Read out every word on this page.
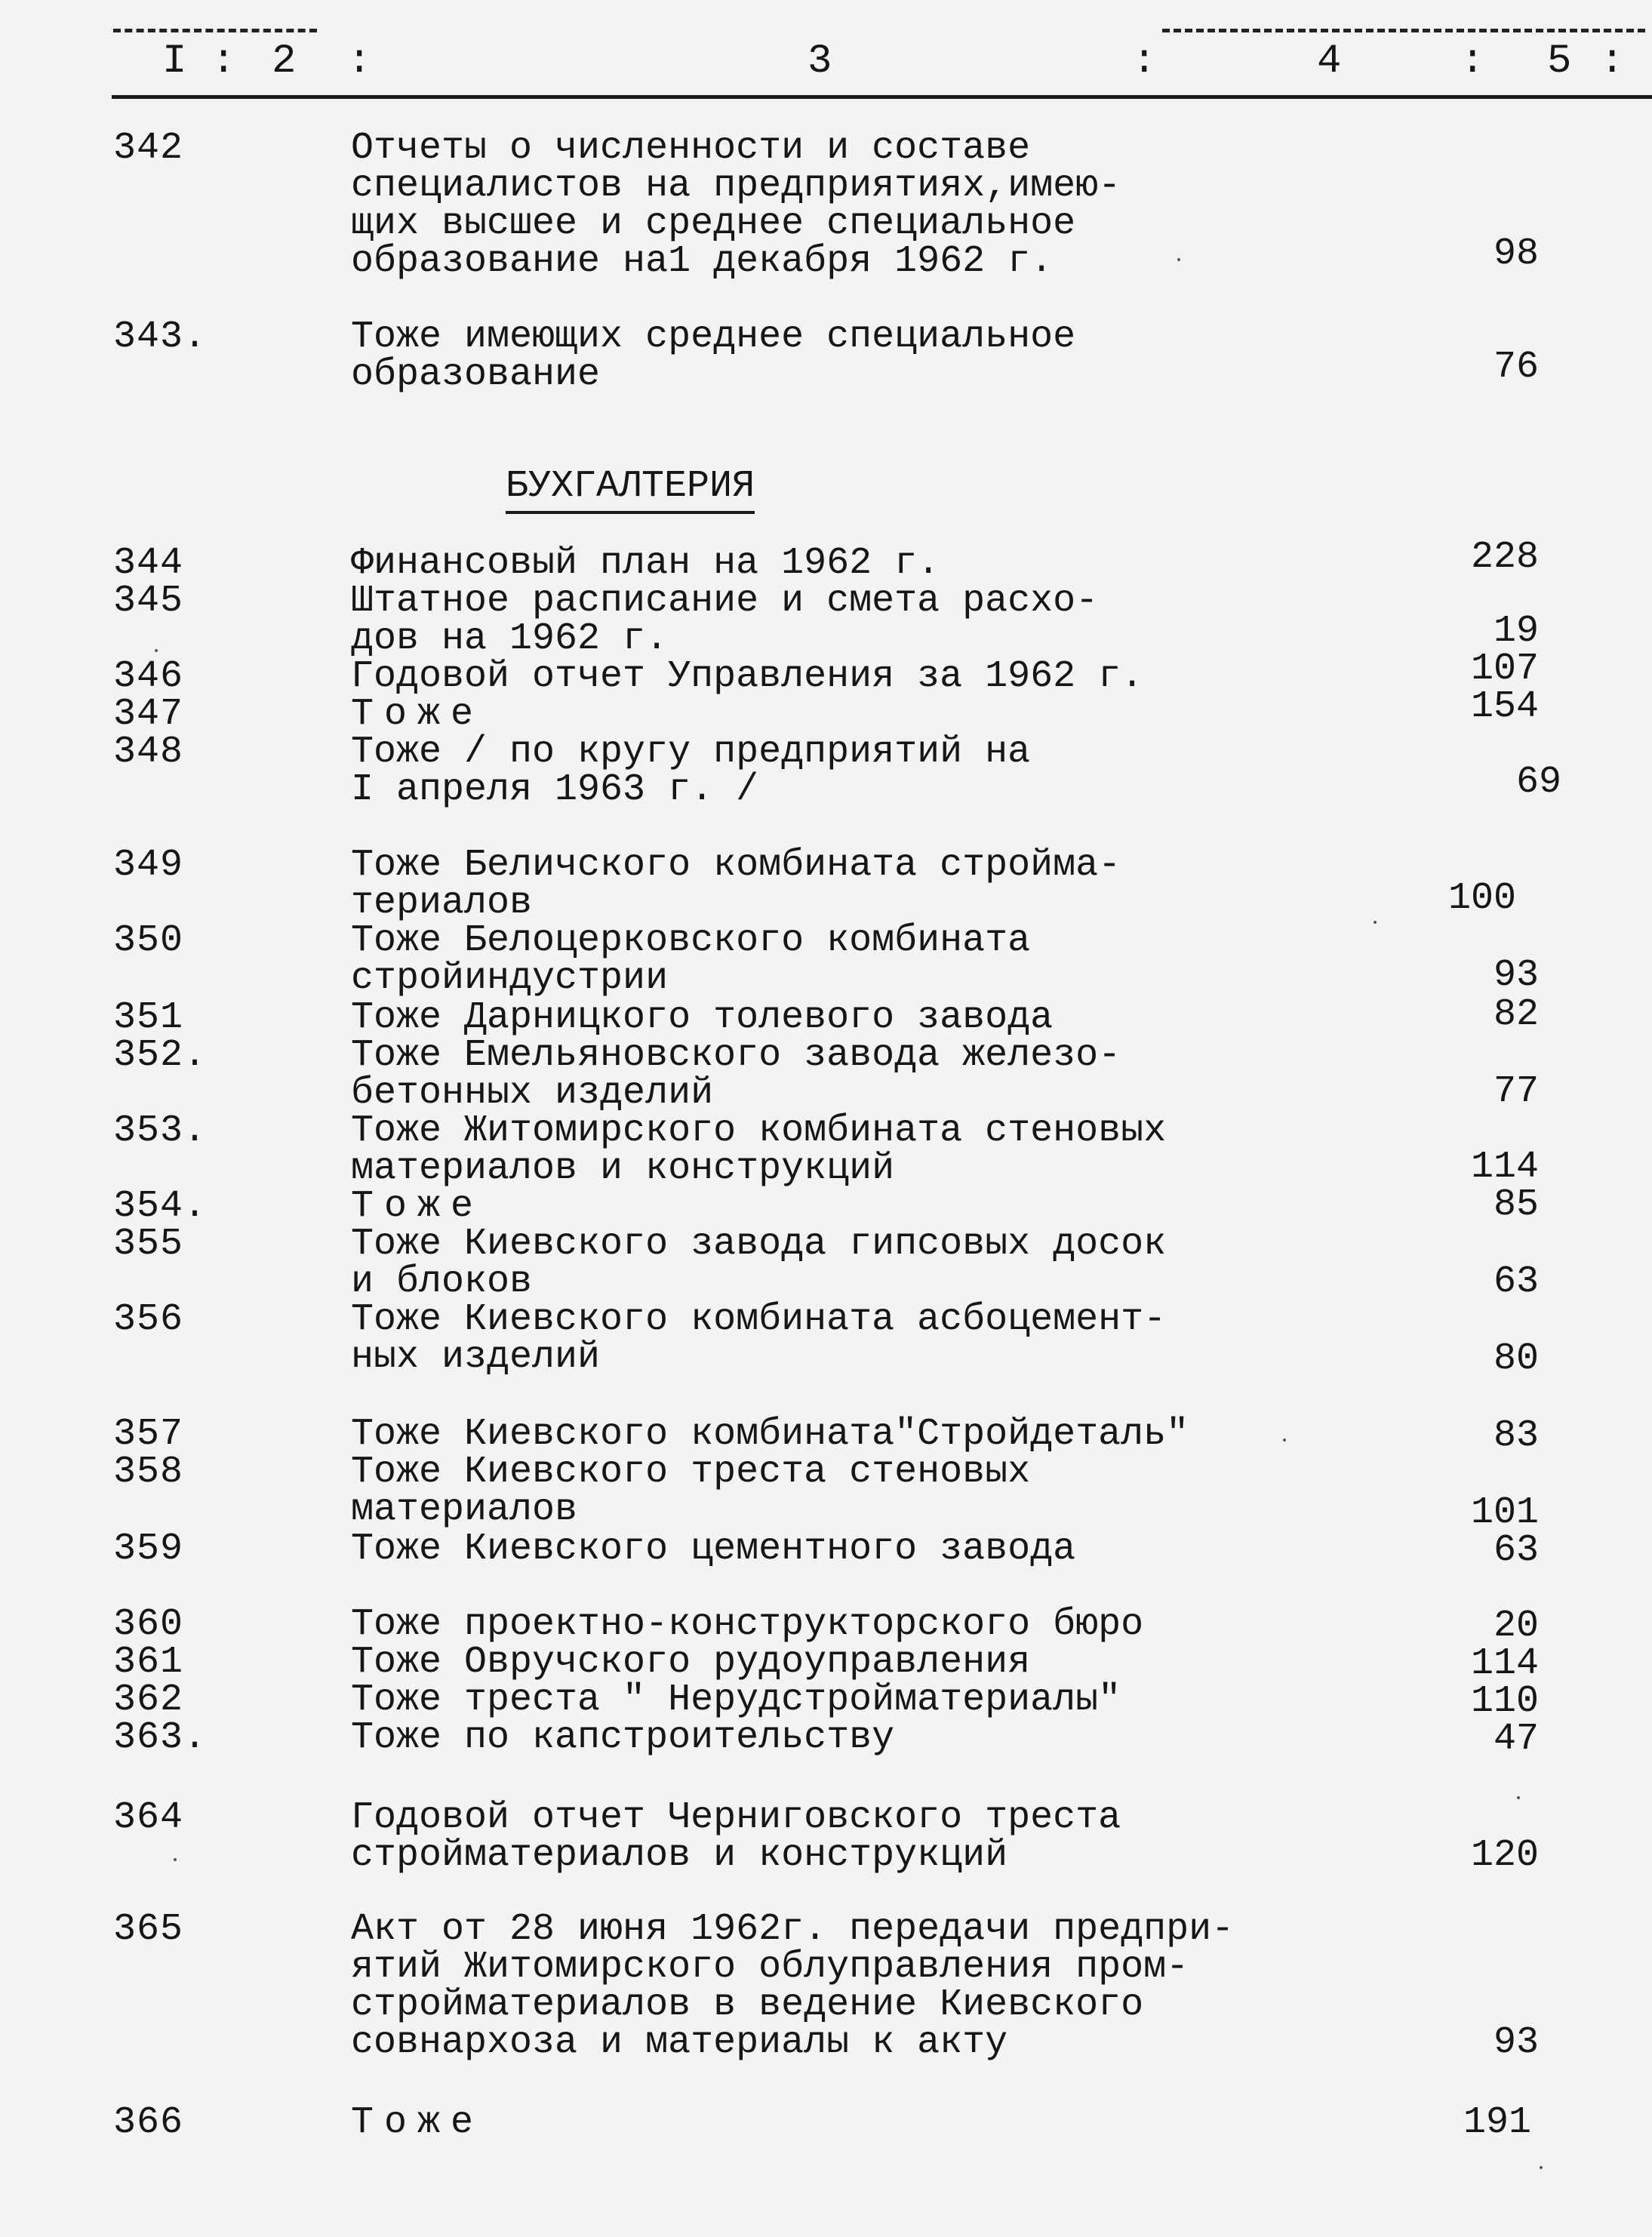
I : 2 :	3	:	4	: 5 :
342	Отчеты о численности и составе
специалистов на предприятиях,имею-
щих высшее и среднее специальное
образование на1 декабря 1962 г.	98
343.	Тоже имеющих среднее специальное
образование	76
БУХГАЛТЕРИЯ
344	Финансовый план на 1962 г.	228
345	Штатное расписание и смета расхо-
дов на 1962 г.	19
346	Годовой отчет Управления за 1962 г.	107
347	Тоже	154
348	Тоже / по кругу предприятий на
I апреля 1963 г. /	69
349	Тоже Беличского комбината стройма-
териалов	100
350	Тоже Белоцерковского комбината
стройиндустрии	93
351	Тоже Дарницкого толевого завода	82
352.	Тоже Емельяновского завода железо-
бетонных изделий	77
353.	Тоже Житомирского комбината стеновых
материалов и конструкций	114
354.	Тоже	85
355	Тоже Киевского завода гипсовых досок
и блоков	63
356	Тоже Киевского комбината асбоцемент-
ных изделий	80
357	Тоже Киевского комбината"Стройдеталь"	83
358	Тоже Киевского треста стеновых
материалов	101
359	Тоже Киевского цементного завода	63
360	Тоже проектно-конструкторского бюро	20
361	Тоже Овручского рудоуправления	114
362	Тоже треста " Нерудстройматериалы"	110
363.	Тоже по капстроительству	47
364	Годовой отчет Черниговского треста
стройматериалов и конструкций	120
365	Акт от 28 июня 1962г. передачи предпри-
ятий Житомирского облуправления пром-
стройматериалов в ведение Киевского
совнархоза и материалы к акту	93
366	Тоже	191
